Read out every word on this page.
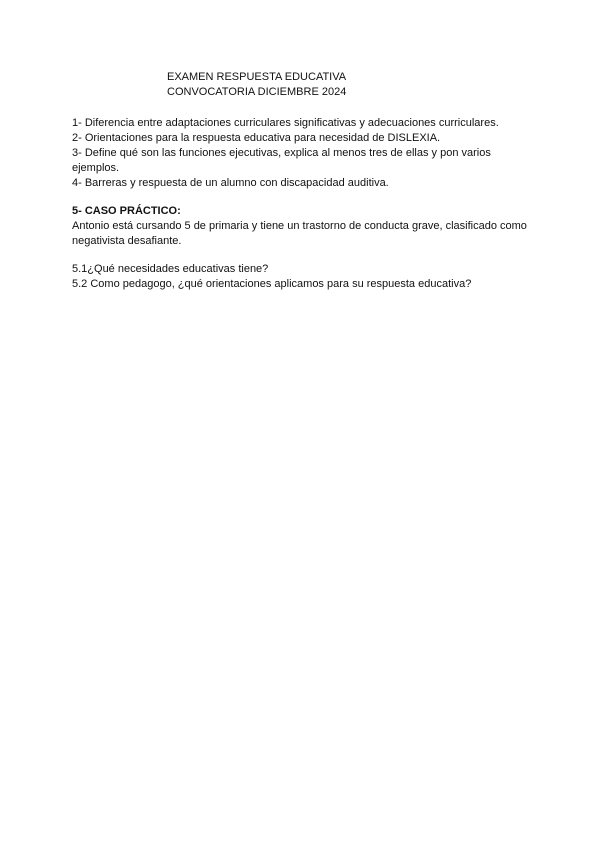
EXAMEN RESPUESTA EDUCATIVA
CONVOCATORIA DICIEMBRE 2024

1- Diferencia entre adaptaciones curriculares significativas y adecuaciones curriculares.

2- Orientaciones para la respuesta educativa para necesidad de DISLEXIA.

3- Define qué son las funciones ejecutivas, explica al menos tres de ellas y pon varios ejemplos.

4- Barreras y respuesta de un alumno con discapacidad auditiva.

5- CASO PRÁCTICO:

Antonio está cursando 5 de primaria y tiene un trastorno de conducta grave, clasificado como negativista desafiante.

5.1¿Qué necesidades educativas tiene?

5.2 Como pedagogo, ¿qué orientaciones aplicamos para su respuesta educativa?
